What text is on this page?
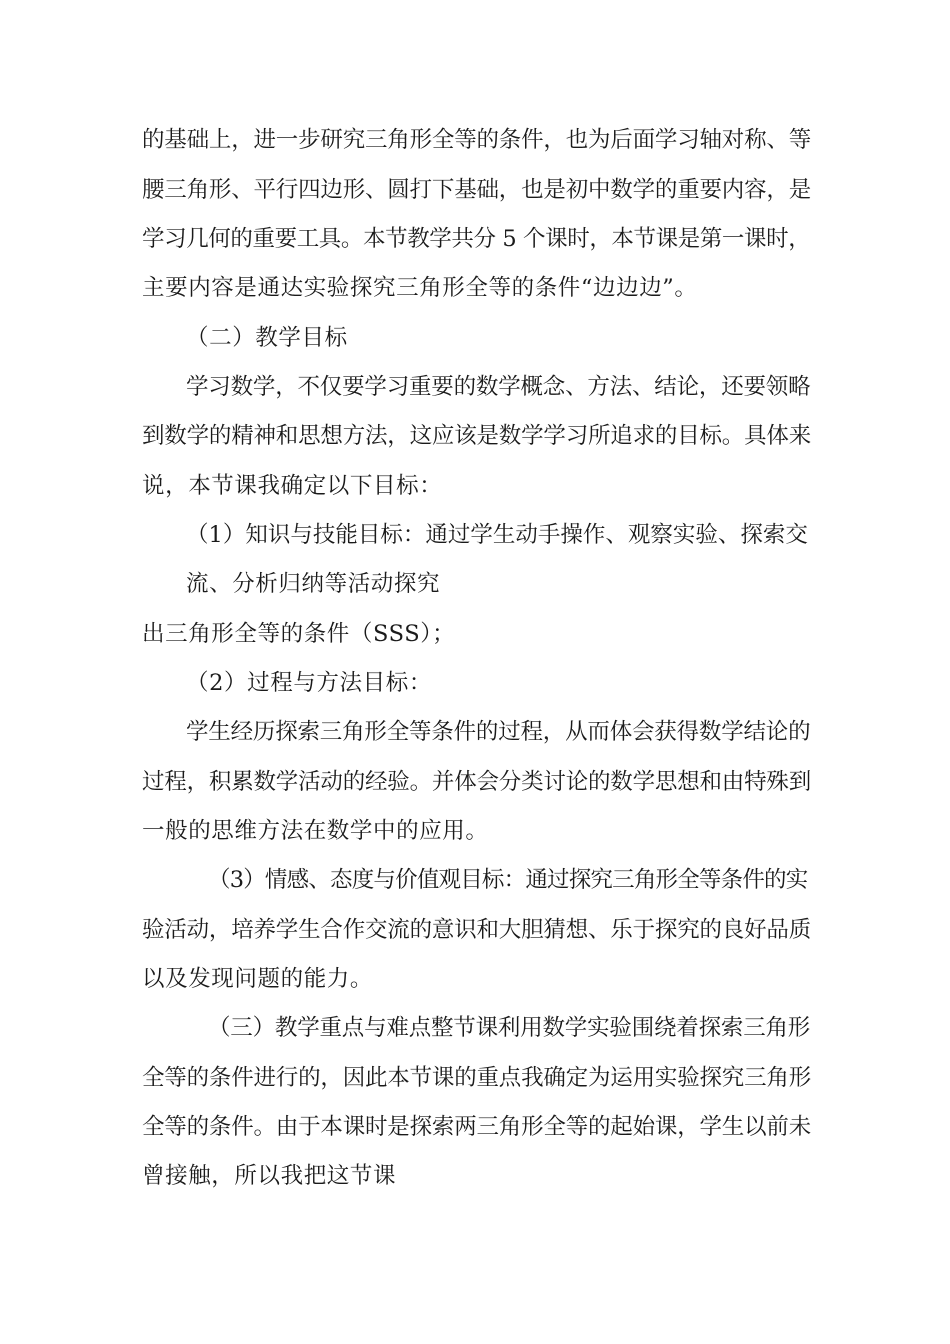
的基础上，进一步研究三角形全等的条件，也为后面学习轴对称、等

腰三角形、平行四边形、圆打下基础，也是初中数学的重要内容，是

学习几何的重要工具。本节教学共分 5 个课时，本节课是第一课时，

主要内容是通达实验探究三角形全等的条件“边边边”。

（二）教学目标

学习数学，不仅要学习重要的数学概念、方法、结论，还要领略

到数学的精神和思想方法，这应该是数学学习所追求的目标。具体来

说，本节课我确定以下目标：

（1）知识与技能目标：通过学生动手操作、观察实验、探索交

流、分析归纳等活动探究

出三角形全等的条件（SSS）；

（2）过程与方法目标：

学生经历探索三角形全等条件的过程，从而体会获得数学结论的

过程，积累数学活动的经验。并体会分类讨论的数学思想和由特殊到

一般的思维方法在数学中的应用。

（3）情感、态度与价值观目标：通过探究三角形全等条件的实

验活动，培养学生合作交流的意识和大胆猜想、乐于探究的良好品质

以及发现问题的能力。

（三）教学重点与难点整节课利用数学实验围绕着探索三角形

全等的条件进行的，因此本节课的重点我确定为运用实验探究三角形

全等的条件。由于本课时是探索两三角形全等的起始课，学生以前未

曾接触，所以我把这节课
